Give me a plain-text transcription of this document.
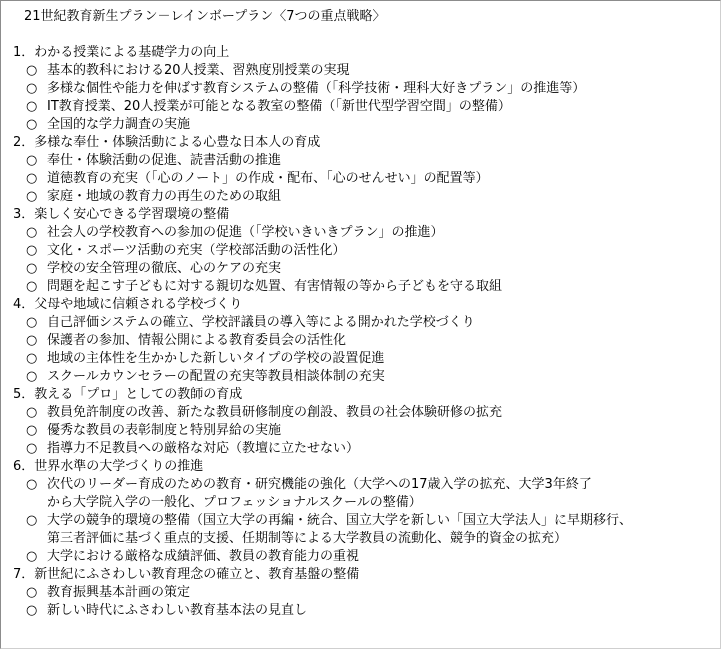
21世紀教育新生プラン－レインボープラン〈7つの重点戦略〉
1．わかる授業による基礎学力の向上
○ 基本的教科における20人授業、習熟度別授業の実現
○ 多様な個性や能力を伸ばす教育システムの整備（「科学技術・理科大好きプラン」の推進等）
○ IT教育授業、20人授業が可能となる教室の整備（「新世代型学習空間」の整備）
○ 全国的な学力調査の実施
2．多様な奉仕・体験活動による心豊な日本人の育成
○ 奉仕・体験活動の促進、読書活動の推進
○ 道徳教育の充実（「心のノート」の作成・配布、「心のせんせい」の配置等）
○ 家庭・地域の教育力の再生のための取組
3．楽しく安心できる学習環境の整備
○ 社会人の学校教育への参加の促進（「学校いきいきプラン」の推進）
○ 文化・スポーツ活動の充実（学校部活動の活性化）
○ 学校の安全管理の徹底、心のケアの充実
○ 問題を起こす子どもに対する親切な処置、有害情報の等から子どもを守る取組
4．父母や地域に信頼される学校づくり
○ 自己評価システムの確立、学校評議員の導入等による開かれた学校づくり
○ 保護者の参加、情報公開による教育委員会の活性化
○ 地域の主体性を生かかした新しいタイプの学校の設置促進
○ スクールカウンセラーの配置の充実等教員相談体制の充実
5．教える「プロ」としての教師の育成
○ 教員免許制度の改善、新たな教員研修制度の創設、教員の社会体験研修の拡充
○ 優秀な教員の表彰制度と特別昇給の実施
○ 指導力不足教員への厳格な対応（教壇に立たせない）
6．世界水準の大学づくりの推進
○ 次代のリーダー育成のための教育・研究機能の強化（大学への17歳入学の拡充、大学3年終了
から大学院入学の一般化、プロフェッショナルスクールの整備）
○ 大学の競争的環境の整備（国立大学の再編・統合、国立大学を新しい「国立大学法人」に早期移行、
第三者評価に基づく重点的支援、任期制等による大学教員の流動化、競争的資金の拡充）
○ 大学における厳格な成績評価、教員の教育能力の重視
7．新世紀にふさわしい教育理念の確立と、教育基盤の整備
○ 教育振興基本計画の策定
○ 新しい時代にふさわしい教育基本法の見直し
